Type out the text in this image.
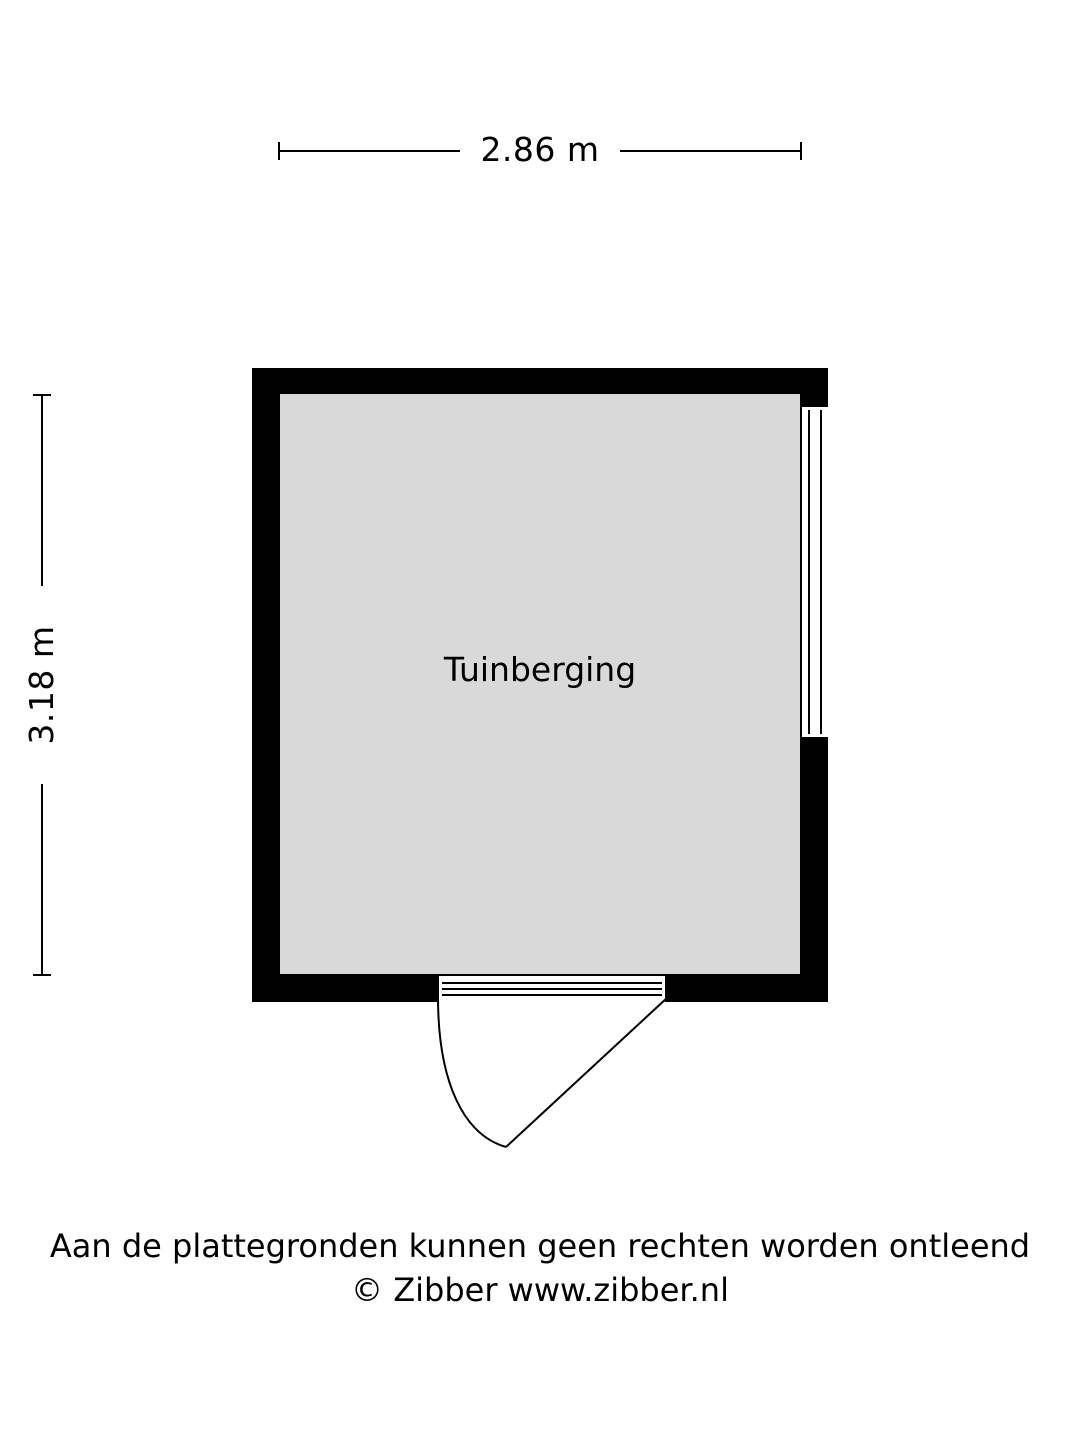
2.86 m
3.18 m	Tuinberging
Aan de plattegronden kunnen geen rechten worden ontleend
© Zibber www.zibber.nl
